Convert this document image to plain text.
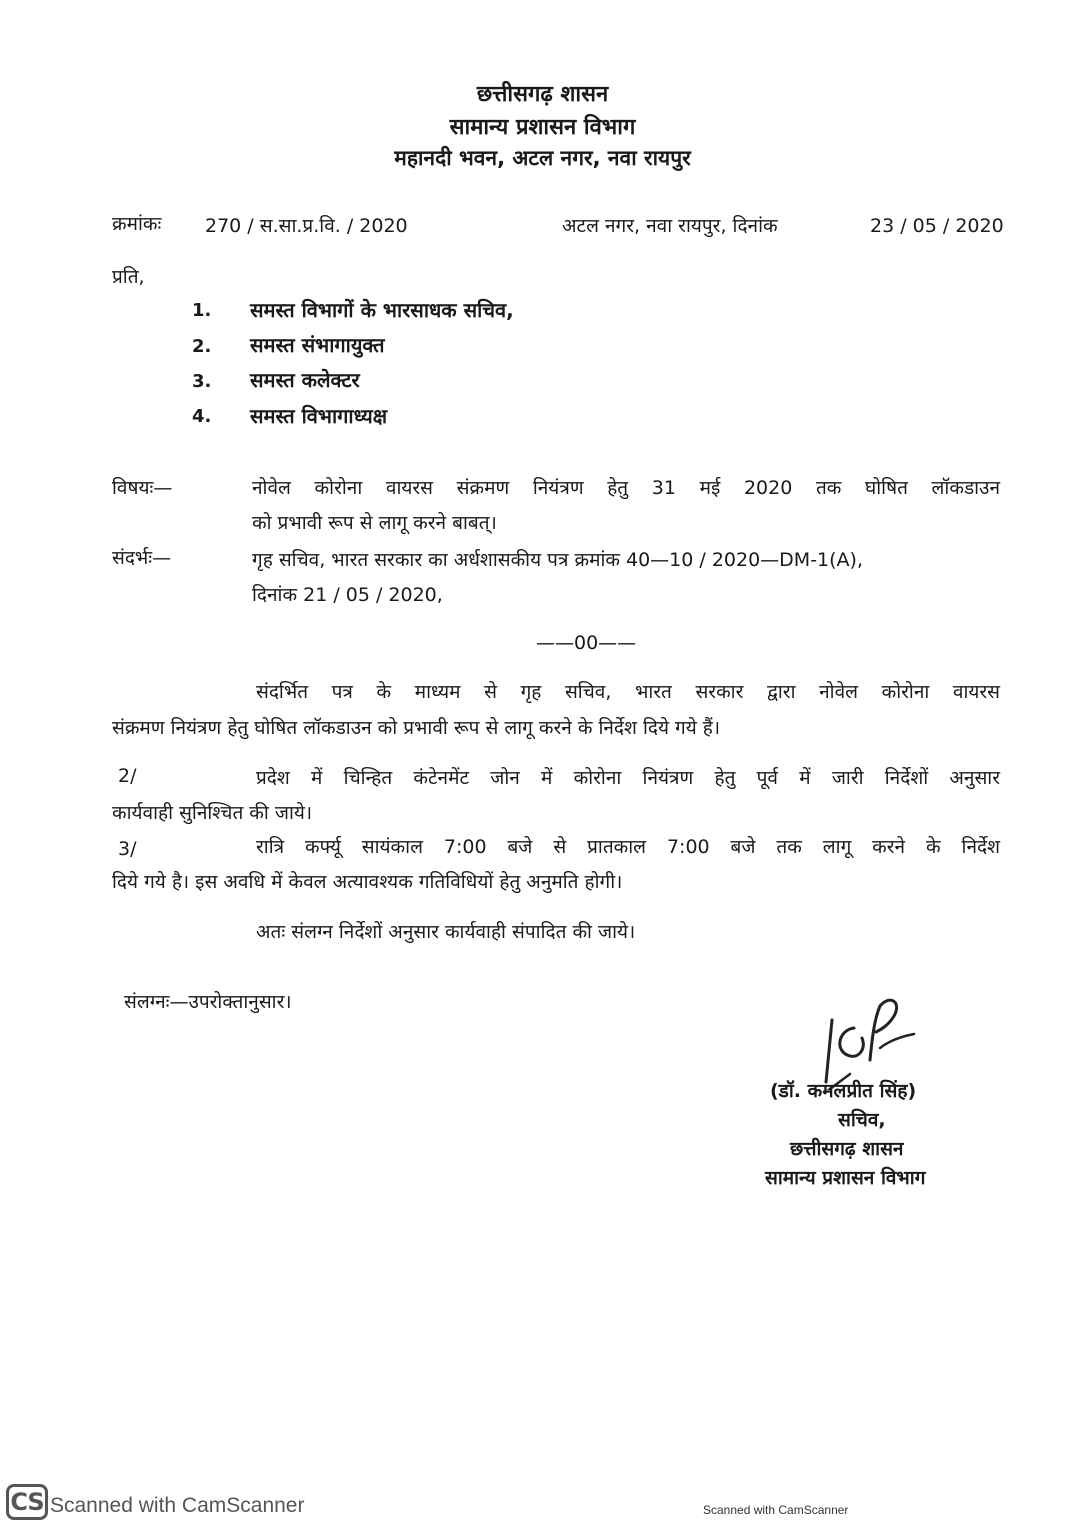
छत्तीसगढ़ शासन
सामान्य प्रशासन विभाग
महानदी भवन, अटल नगर, नवा रायपुर
क्रमांकः 270 / स.सा.प्र.वि. / 2020	अटल नगर, नवा रायपुर, दिनांक	23 / 05 / 2020
प्रति,
1. समस्त विभागों के भारसाधक सचिव,
2. समस्त संभागायुक्त
3. समस्त कलेक्टर
4. समस्त विभागाध्यक्ष
विषयः—	नोवेल कोरोना वायरस संक्रमण नियंत्रण हेतु 31 मई 2020 तक घोषित लॉकडाउन
को प्रभावी रूप से लागू करने बाबत्।
संदर्भः—	गृह सचिव, भारत सरकार का अर्धशासकीय पत्र क्रमांक 40—10 / 2020—DM-1(A),
दिनांक 21 / 05 / 2020,
——00——
संदर्भित पत्र के माध्यम से गृह सचिव, भारत सरकार द्वारा नोवेल कोरोना वायरस
संक्रमण नियंत्रण हेतु घोषित लॉकडाउन को प्रभावी रूप से लागू करने के निर्देश दिये गये हैं।
2/	प्रदेश में चिन्हित कंटेनमेंट जोन में कोरोना नियंत्रण हेतु पूर्व में जारी निर्देशों अनुसार
कार्यवाही सुनिश्चित की जाये।
3/	रात्रि कर्फ्यू सायंकाल 7:00 बजे से प्रातकाल 7:00 बजे तक लागू करने के निर्देश
दिये गये है। इस अवधि में केवल अत्यावश्यक गतिविधियों हेतु अनुमति होगी।
अतः संलग्न निर्देशों अनुसार कार्यवाही संपादित की जाये।
संलग्नः—उपरोक्तानुसार।
(डॉ. कमलप्रीत सिंह)
सचिव,
छत्तीसगढ़ शासन
सामान्य प्रशासन विभाग
CS Scanned with CamScanner	Scanned with CamScanner
